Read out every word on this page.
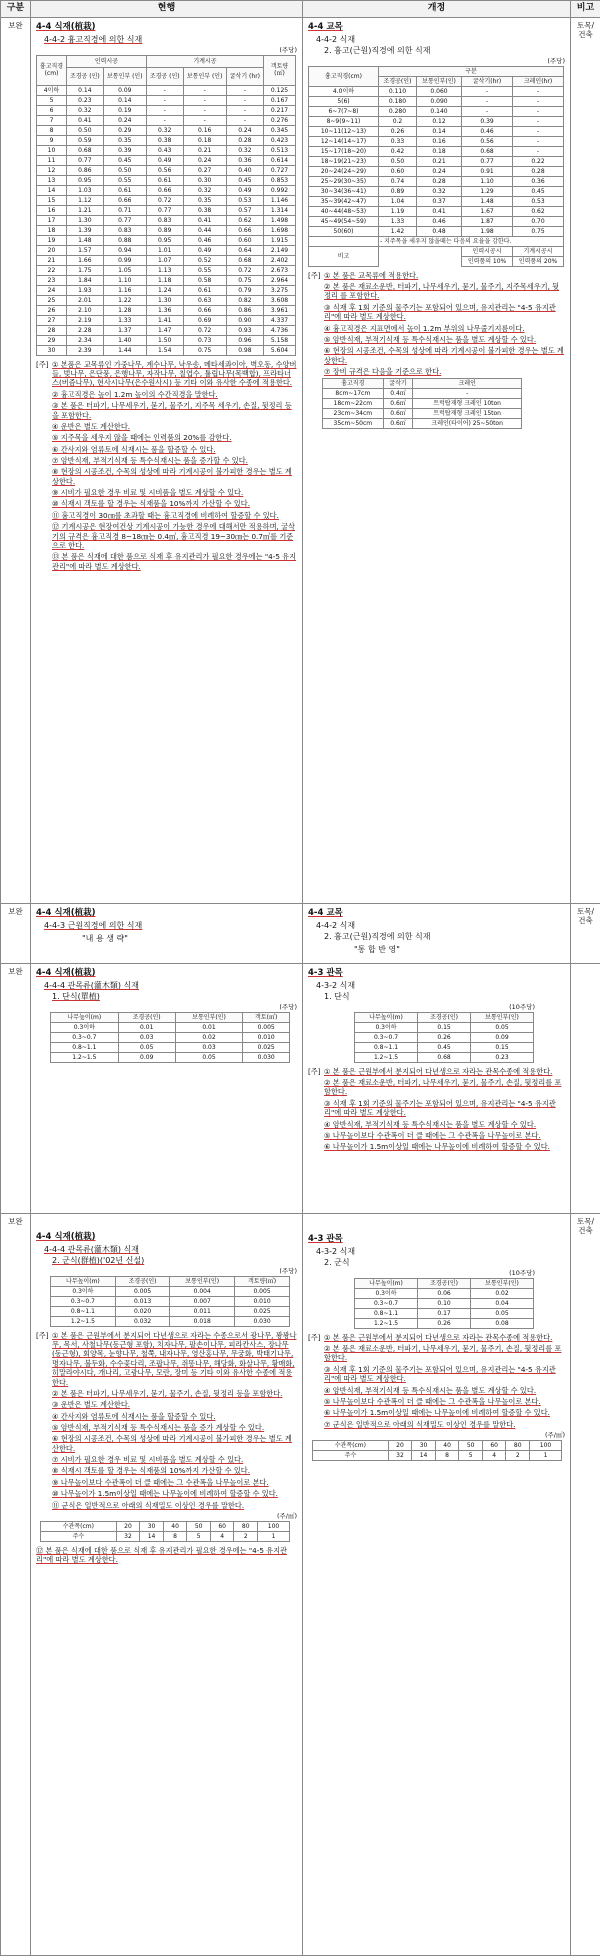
구분	현행	개정	비고
보완	4-4 식재(植栽)
4-4-2 흉고직경에 의한 식재
(주당)
흉고직경 (cm)	인력시공	기계시공	객토량 (㎥)
조경공 (인)	보통인부 (인)	조경공 (인)	보통인부 (인)	굴삭기 (hr)
4이하	0.14	0.09	-	-	-	0.125
5	0.23	0.14	-	-	-	0.167
6	0.32	0.19	-	-	-	0.217
7	0.41	0.24	-	-	-	0.276
8	0.50	0.29	0.32	0.16	0.24	0.345
9	0.59	0.35	0.38	0.18	0.28	0.423
10	0.68	0.39	0.43	0.21	0.32	0.513
11	0.77	0.45	0.49	0.24	0.36	0.614
12	0.86	0.50	0.56	0.27	0.40	0.727
13	0.95	0.55	0.61	0.30	0.45	0.853
14	1.03	0.61	0.66	0.32	0.49	0.992
15	1.12	0.66	0.72	0.35	0.53	1.146
16	1.21	0.71	0.77	0.38	0.57	1.314
17	1.30	0.77	0.83	0.41	0.62	1.498
18	1.39	0.83	0.89	0.44	0.66	1.698
19	1.48	0.88	0.95	0.46	0.60	1.915
20	1.57	0.94	1.01	0.49	0.64	2.149
21	1.66	0.99	1.07	0.52	0.68	2.402
22	1.75	1.05	1.13	0.55	0.72	2.673
23	1.84	1.10	1.18	0.58	0.75	2.964
24	1.93	1.16	1.24	0.61	0.79	3.275
25	2.01	1.22	1.30	0.63	0.82	3.608
26	2.10	1.28	1.36	0.66	0.86	3.961
27	2.19	1.33	1.41	0.69	0.90	4.337
28	2.28	1.37	1.47	0.72	0.93	4.736
29	2.34	1.40	1.50	0.73	0.96	5.158
30	2.39	1.44	1.54	0.75	0.98	5.604
[주] ① 본품은 교목류인 가중나무, 계수나무, 낙우송, 메타세콰이아, 벽오동, 수양버들, 벚나무, 은단풍, 은행나무, 자작나무, 칠엽수, 튤립나무(목백합), 프라타너스(버즘나무), 현사시나무(은수원사시) 등 기타 이와 유사한 수종에 적용한다.
② 흉고직경은 높이 1.2m 높이의 수간직경을 말한다.
③ 본 품은 터파기, 나무세우기, 묻기, 물주기, 지주목 세우기, 손질, 뒷정리 등을 포함한다.
④ 운반은 별도 계산한다.
⑤ 지주목을 세우지 않을 때에는 인력품의 20%를 감한다.
⑥ 간사지와 염류토에 식재시는 품을 할증할 수 있다.
⑦ 암반식재, 부적기식재 등 특수식재시는 품을 증가할 수 있다.
⑧ 현장의 시공조건, 수목의 성상에 따라 기계시공이 불가피한 경우는 별도 계상한다.
⑨ 시비가 필요한 경우 비료 및 시비품을 별도 계상할 수 있다.
⑩ 식재시 객토를 할 경우는 식재품을 10%까지 가산할 수 있다.
⑪ 흉고직경이 30㎝를 초과할 때는 흉고직경에 비례하여 할증할 수 있다.
⑫ 기계시공은 현장여건상 기계시공이 가능한 경우에 대해서만 적용하며, 굴삭기의 규격은 흉고직경 8~18㎝는 0.4㎥, 흉고직경 19~30㎝는 0.7㎥를 기준으로 한다.
⑬ 본 품은 식재에 대한 품으로 식재 후 유지관리가 필요한 경우에는 "4-5 유지관리"에 따라 별도 계상한다.

4-4 교목
4-4-2 식재
2. 흉고(근원)직경에 의한 식재
(주당)
흉고직경(cm)	구분
조경공(인)	보통인부(인)	굴삭기(hr)	크레인(hr)
4.0이하	0.110	0.060	-	-
5(6)	0.180	0.090	-	-
6~7(7~8)	0.280	0.140	-	-
8~9(9~11)	0.2	0.12	0.39	-
10~11(12~13)	0.26	0.14	0.46	-
12~14(14~17)	0.33	0.16	0.56	-
15~17(18~20)	0.42	0.18	0.68	-
18~19(21~23)	0.50	0.21	0.77	0.22
20~24(24~29)	0.60	0.24	0.91	0.28
25~29(30~35)	0.74	0.28	1.10	0.36
30~34(36~41)	0.89	0.32	1.29	0.45
35~39(42~47)	1.04	0.37	1.48	0.53
40~44(48~53)	1.19	0.41	1.67	0.62
45~49(54~59)	1.33	0.46	1.87	0.70
50(60)	1.42	0.48	1.98	0.75
	- 지주목을 세우지 않을때는 다음의 요율을 감한다.
비고		인력시공시	기계시공시
	인력품의 10%	인력품의 20%
[주] ① 본 품은 교목류에 적용한다.
② 본 품은 재료소운반, 터파기, 나무세우기, 묻기, 물주기, 지주목세우기, 뒷정리 를 포함한다.
③ 식재 후 1회 기준의 물주기는 포함되어 있으며, 유지관리는 "4-5 유지관리"에 따라 별도 계상한다.
④ 흉고직경은 지표면에서 높이 1.2m 부위의 나무줄기지름이다.
⑤ 암반식재, 부적기식재 등 특수식재시는 품을 별도 계상할 수 있다.
⑥ 현장의 시공조건, 수목의 성상에 따라 기계시공이 불가피한 경우는 별도 계상한다.
⑦ 장비 규격은 다음을 기준으로 한다.
흉고직경	굴삭기	크레인
8cm~17cm	0.4㎥	-
18cm~22cm	0.6㎥	트럭탑재형 크레인 10ton
23cm~34cm	0.6㎥	트럭탑재형 크레인 15ton
35cm~50cm	0.6㎥	크레인(타이어) 25~50ton
	토목/
건축
보완	4-4 식재(植栽)
4-4-3 근원직경에 의한 식재
"내 용 생 략"

4-4 교목
4-4-2 식재
2. 흉고(근원)직경에 의한 식재
"통 합 반 영"
	토목/
건축
보완	4-4 식재(植栽)
4-4-4 관목류(灌木類) 식재
1. 단식(單植)
(주당)
나무높이(m)	조경공(인)	보통인부(인)	객토(㎥)
0.3이하	0.01	0.01	0.005
0.3~0.7	0.03	0.02	0.010
0.8~1.1	0.05	0.03	0.025
1.2~1.5	0.09	0.05	0.030

4-3 관목
4-3-2 식재
1. 단식
(10주당)
나무높이(m)	조경공(인)	보통인부(인)
0.3이하	0.15	0.05
0.3~0.7	0.26	0.09
0.8~1.1	0.45	0.15
1.2~1.5	0.68	0.23
[주] ① 본 품은 근원부에서 분지되어 다년생으로 자라는 관목수종에 적용한다.
② 본 품은 재료소운반, 터파기, 나무세우기, 묻기, 물주기, 손질, 뒷정리를 포함한다.
③ 식재 후 1회 기준의 물주기는 포함되어 있으며, 유지관리는 "4-5 유지관리"에 따라 별도 계상한다.
④ 암반식재, 부적기식재 등 특수식재시는 품을 별도 계상할 수 있다.
⑤ 나무높이보다 수관폭이 더 클 때에는 그 수관폭을 나무높이로 본다.
⑥ 나무높이가 1.5m이상일 때에는 나무높이에 비례하여 할증할 수 있다.

보완	
4-4 식재(植栽)
4-4-4 관목류(灌木類) 식재
2. 군식(群植)('02년 신설)
(주당)
나무높이(m)	조경공(인)	보통인부(인)	객토량(㎥)
0.3이하	0.005	0.004	0.005
0.3~0.7	0.013	0.007	0.010
0.8~1.1	0.020	0.011	0.025
1.2~1.5	0.032	0.018	0.030
[주] ① 본 품은 근원부에서 분지되어 다년생으로 자라는 수종으로서 광나무, 꽝꽝나무, 목서, 사철나무(동근형 포함), 치자나무, 팔손이나무, 피라칸사스, 장나무(동근형), 회양목, 눈향나무, 철쭉, 내자나무, 영산홍나무, 무궁화, 박태기나무, 명자나무, 불두화, 수수꽃다리, 조팝나무, 쥐똥나무, 해당화, 화살나무, 황매화, 히말라야시다, 개나리, 고광나무, 모란, 장미 등 기타 이와 유사한 수종에 적용한다.
② 본 품은 터파기, 나무세우기, 묻기, 물주기, 손질, 뒷정리 등을 포함한다.
③ 운반은 별도 계산한다.
④ 간사지와 염류토에 식재시는 품을 할증할 수 있다.
⑤ 암반식재, 부적기식재 등 특수식재시는 품을 증가 계상할 수 있다.
⑥ 현장의 시공조건, 수목의 성상에 따라 기계시공이 불가피한 경우는 별도 계산한다.
⑦ 시비가 필요한 경우 비료 및 시비품을 별도 계상할 수 있다.
⑧ 식재시 객토를 할 경우는 식재품의 10%까지 가산할 수 있다.
⑨ 나무높이보다 수관폭이 더 클 때에는 그 수관폭을 나무높이로 본다.
⑩ 나무높이가 1.5m이상일 때에는 나무높이에 비례하여 할증할 수 있다.
⑪ 군식은 일반적으로 아래의 식재밀도 이상인 경우를 말한다.
(주/㎡)
수관폭(cm)	20	30	40	50	60	80	100
주수	32	14	8	5	4	2	1
⑫ 본 품은 식재에 대한 품으로 식재 후 유지관리가 필요한 경우에는 "4-5 유지관리"에 따라 별도 계상한다.

4-3 관목
4-3-2 식재
2. 군식
(10주당)
나무높이(m)	조경공(인)	보통인부(인)
0.3이하	0.06	0.02
0.3~0.7	0.10	0.04
0.8~1.1	0.17	0.05
1.2~1.5	0.26	0.08
[주] ① 본 품은 근원부에서 분지되어 다년생으로 자라는 관목수종에 적용한다.
② 본 품은 재료소운반, 터파기, 나무세우기, 묻기, 물주기, 손질, 뒷정리를 포함한다.
③ 식재 후 1회 기준의 물주기는 포함되어 있으며, 유지관리는 "4-5 유지관리"에 따라 별도 계상한다.
④ 암반식재, 부적기식재 등 특수식재시는 품을 별도 계상할 수 있다.
⑤ 나무높이보다 수관폭이 더 클 때에는 그 수관폭을 나무높이로 본다.
⑥ 나무높이가 1.5m이상일 때에는 나무높이에 비례하여 할증할 수 있다.
⑦ 군식은 일반적으로 아래의 식재밀도 이상인 경우를 말한다.
(주/㎡)
수관폭(cm)	20	30	40	50	60	80	100
주수	32	14	8	5	4	2	1
	토목/
건축
